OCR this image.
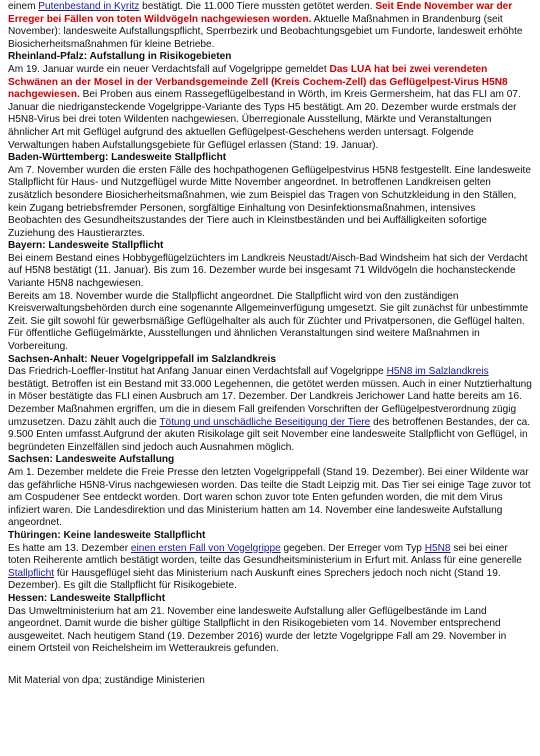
einem Putenbestand in Kyritz bestätigt. Die 11.000 Tiere mussten getötet werden. Seit Ende November war der Erreger bei Fällen von toten Wildvögeln nachgewiesen worden. Aktuelle Maßnahmen in Brandenburg (seit November): landesweite Aufstallungspflicht, Sperrbezirk und Beobachtungsgebiet um Fundorte, landesweit erhöhte Biosicherheitsmaßnahmen für kleine Betriebe.

Rheinland-Pfalz: Aufstallung in Risikogebieten

Am 19. Januar wurde ein neuer Verdachtsfall auf Vogelgrippe gemeldet Das LUA hat bei zwei verendeten Schwänen an der Mosel in der Verbandsgemeinde Zell (Kreis Cochem-Zell) das Geflügelpest-Virus H5N8 nachgewiesen. Bei Proben aus einem Rassegeflügelbestand in Wörth, im Kreis Germersheim, hat das FLI am 07. Januar die niedrigansteckende Vogelgrippe-Variante des Typs H5 bestätigt. Am 20. Dezember wurde erstmals der H5N8-Virus bei drei toten Wildenten nachgewiesen. Überregionale Ausstellung, Märkte und Veranstaltungen ähnlicher Art mit Geflügel aufgrund des aktuellen Geflügelpest-Geschehens werden untersagt. Folgende Verwaltungen haben Aufstallungsgebiete für Geflügel erlassen (Stand: 19. Januar).

Baden-Württemberg: Landesweite Stallpflicht

Am 7. November wurden die ersten Fälle des hochpathogenen Geflügelpestvirus H5N8 festgestellt. Eine landesweite Stallpflicht für Haus- und Nutzgeflügel wurde Mitte November angeordnet. In betroffenen Landkreisen gelten zusätzlich besondere Biosicherheitsmaßnahmen, wie zum Beispiel das Tragen von Schutzkleidung in den Ställen, kein Zugang betriebsfremder Personen, sorgfältige Einhaltung von Desinfektionsmaßnahmen, intensives Beobachten des Gesundheitszustandes der Tiere auch in Kleinstbeständen und bei Auffälligkeiten sofortige Zuziehung des Haustierarztes.

Bayern: Landesweite Stallpflicht

Bei einem Bestand eines Hobbygeflügelzüchters im Landkreis Neustadt/Aisch-Bad Windsheim hat sich der Verdacht auf H5N8 bestätigt (11. Januar). Bis zum 16. Dezember wurde bei insgesamt 71 Wildvögeln die hochansteckende Variante H5N8 nachgewiesen.

Bereits am 18. November wurde die Stallpflicht angeordnet. Die Stallpflicht wird von den zuständigen Kreisverwaltungsbehörden durch eine sogenannte Allgemeinverfügung umgesetzt. Sie gilt zunächst für unbestimmte Zeit. Sie gilt sowohl für gewerbsmäßige Geflügelhalter als auch für Züchter und Privatpersonen, die Geflügel halten. Für öffentliche Geflügelmärkte, Ausstellungen und ähnlichen Veranstaltungen sind weitere Maßnahmen in Vorbereitung.

Sachsen-Anhalt: Neuer Vogelgrippefall im Salzlandkreis

Das Friedrich-Loeffler-Institut hat Anfang Januar einen Verdachtsfall auf Vogelgrippe H5N8 im Salzlandkreis bestätigt. Betroffen ist ein Bestand mit 33.000 Legehennen, die getötet werden müssen. Auch in einer Nutztierhaltung in Möser bestätigte das FLI einen Ausbruch am 17. Dezember. Der Landkreis Jerichower Land hatte bereits am 16. Dezember Maßnahmen ergriffen, um die in diesem Fall greifenden Vorschriften der Geflügelpestverordnung zügig umzusetzen. Dazu zählt auch die Tötung und unschädliche Beseitigung der Tiere des betroffenen Bestandes, der ca. 9.500 Enten umfasst.Aufgrund der akuten Risikolage gilt seit November eine landesweite Stallpflicht von Geflügel, in begründeten Einzelfällen sind jedoch auch Ausnahmen möglich.

Sachsen: Landesweite Aufstallung

Am 1. Dezember meldete die Freie Presse den letzten Vogelgrippefall (Stand 19. Dezember). Bei einer Wildente war das gefährliche H5N8-Virus nachgewiesen worden. Das teilte die Stadt Leipzig mit. Das Tier sei einige Tage zuvor tot am Cospudener See entdeckt worden. Dort waren schon zuvor tote Enten gefunden worden, die mit dem Virus infiziert waren. Die Landesdirektion und das Ministerium hatten am 14. November eine landesweite Aufstallung angeordnet.

Thüringen: Keine landesweite Stallpflicht

Es hatte am 13. Dezember einen ersten Fall von Vogelgrippe gegeben. Der Erreger vom Typ H5N8 sei bei einer toten Reiherente amtlich bestätigt worden, teilte das Gesundheitsministerium in Erfurt mit. Anlass für eine generelle Stallpflicht für Hausgeflügel sieht das Ministerium nach Auskunft eines Sprechers jedoch noch nicht (Stand 19. Dezember). Es gilt die Stallpflicht für Risikogebiete.

Hessen: Landesweite Stallpflicht

Das Umweltministerium hat am 21. November eine landesweite Aufstallung aller Geflügelbestände im Land angeordnet. Damit wurde die bisher gültige Stallpflicht in den Risikogebieten vom 14. November entsprechend ausgeweitet. Nach heutigem Stand (19. Dezember 2016) wurde der letzte Vogelgrippe Fall am 29. November in einem Ortsteil von Reichelsheim im Wetteraukreis gefunden.

Mit Material von dpa; zuständige Ministerien
